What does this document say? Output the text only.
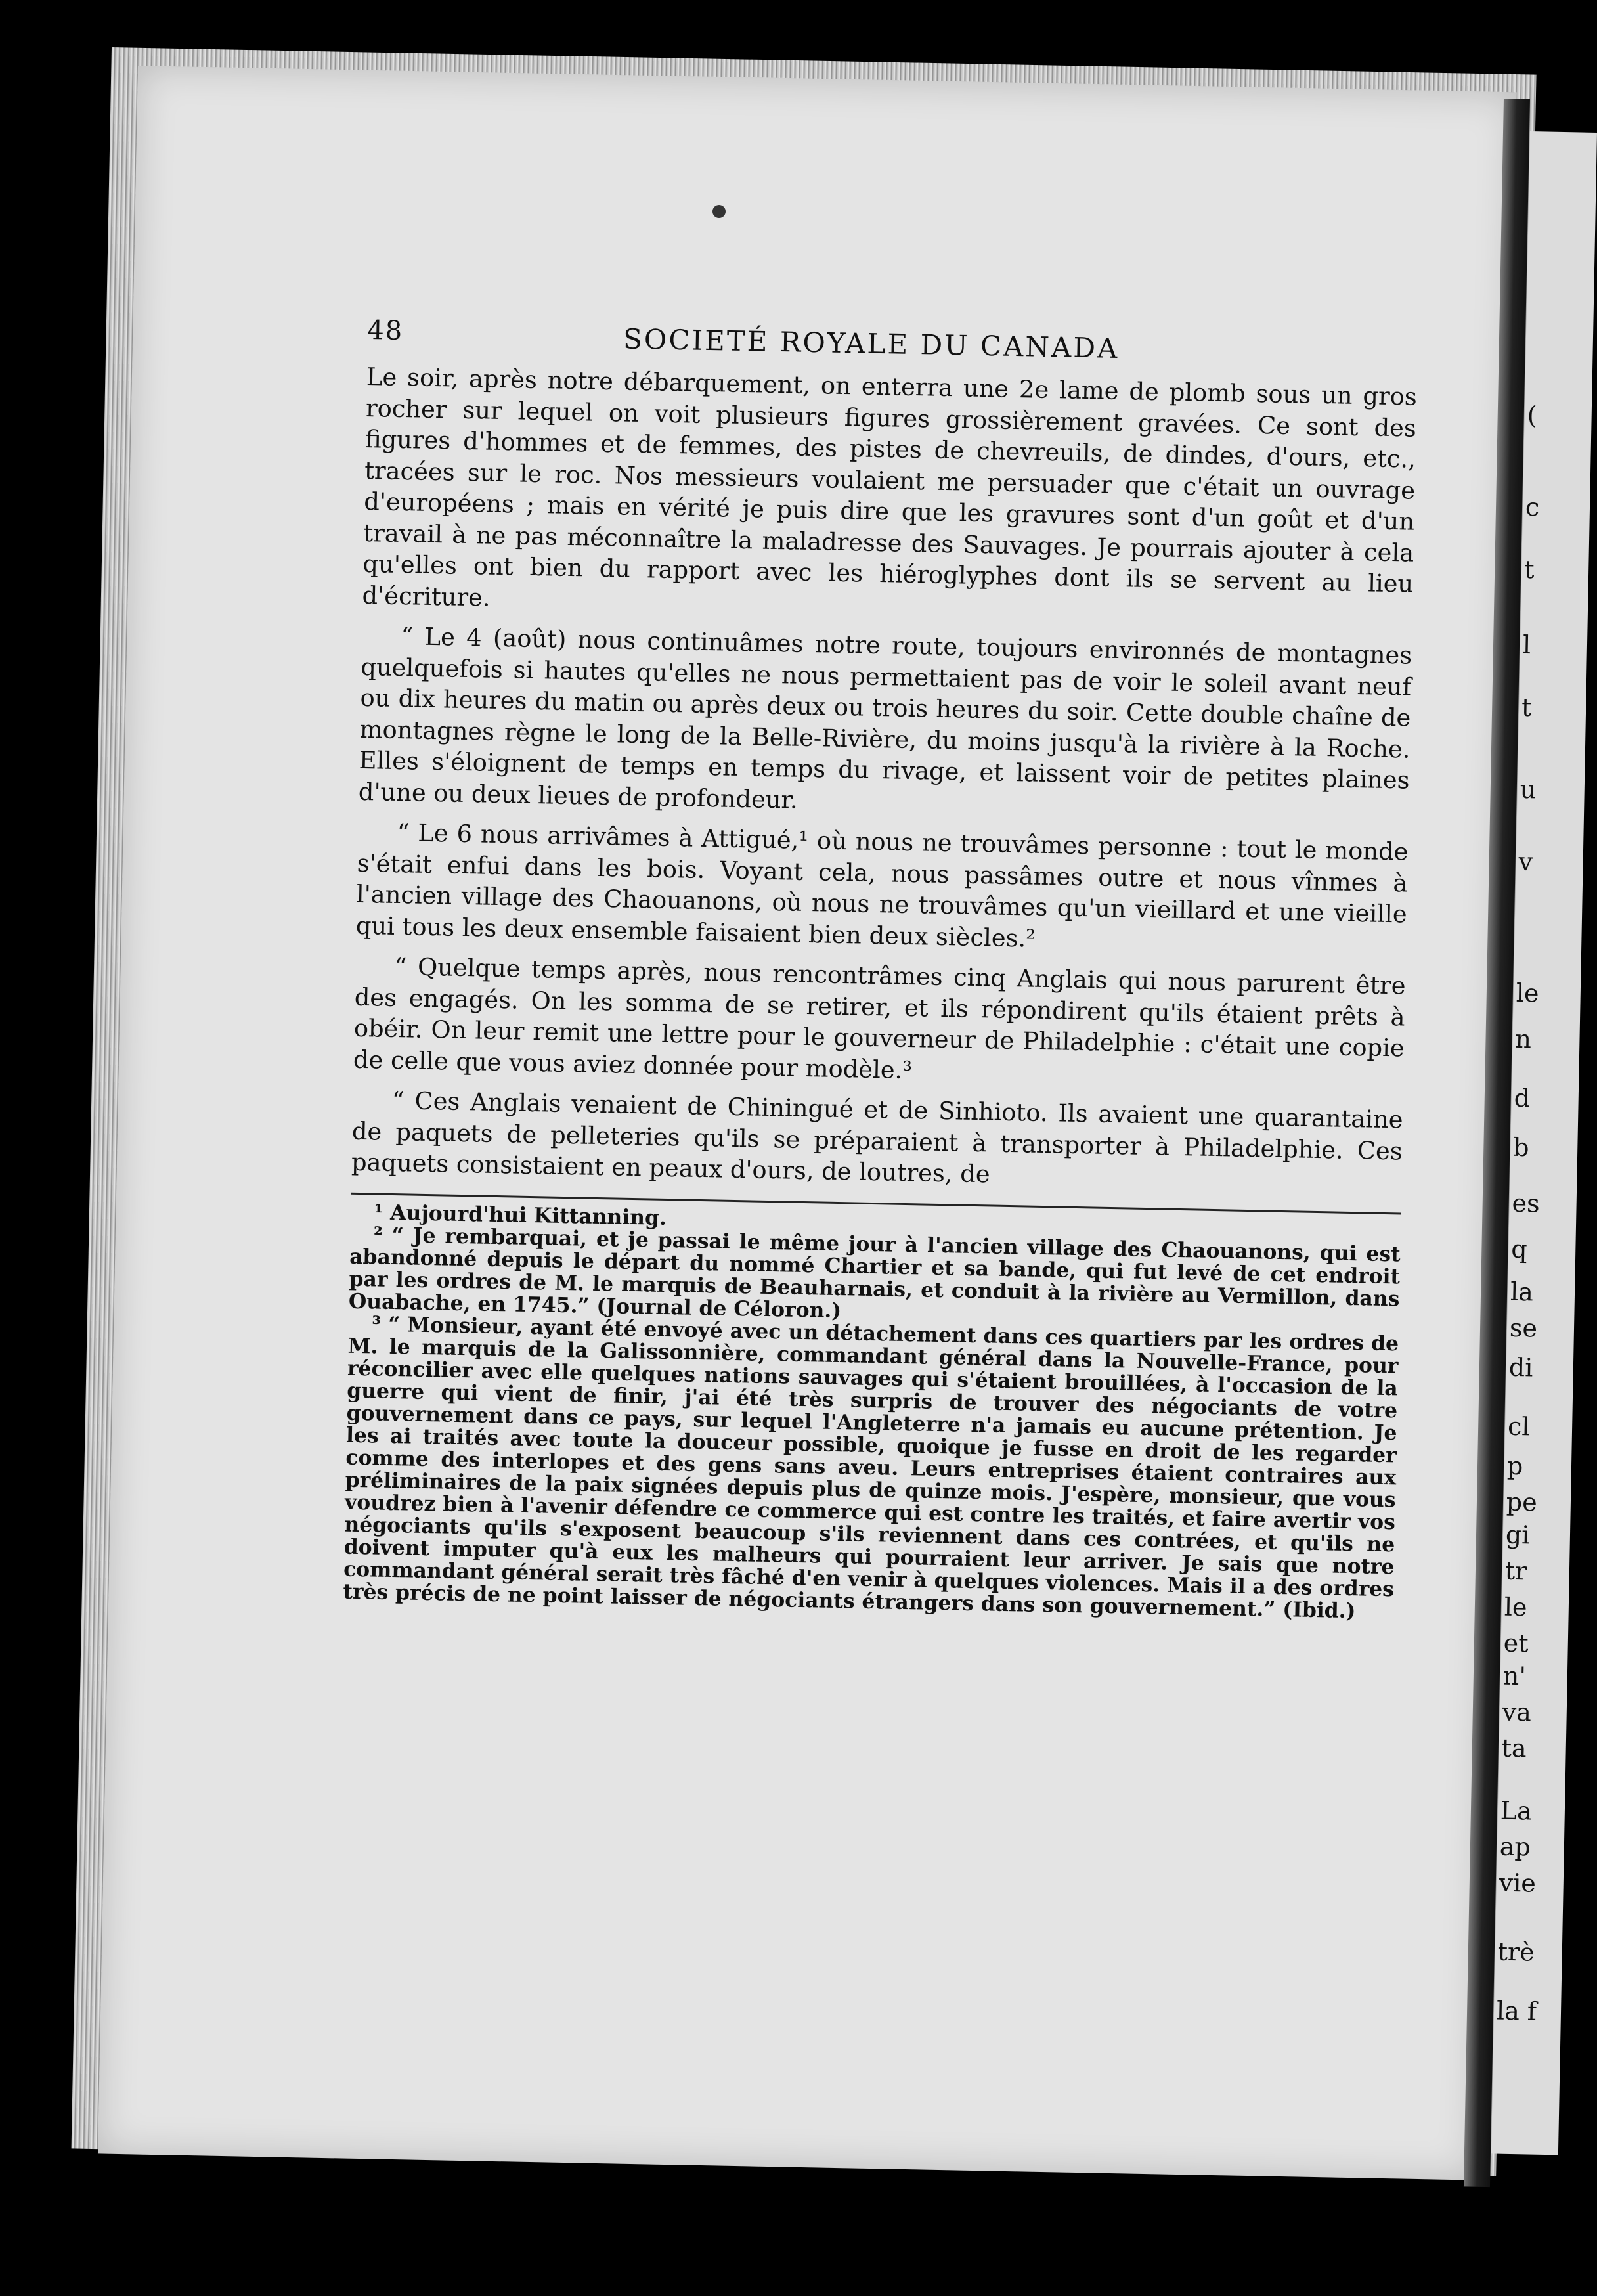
(
c
t
l
t
u
v
le
n
d
b
es
q
la
se
di
cl
p
pe
gi
tr
le
et
n'
va
ta
La
ap
vie
trè
la f
48	SOCIETÉ ROYALE DU CANADA

Le soir, après notre débarquement, on enterra une 2e lame de plomb sous un gros rocher sur lequel on voit plusieurs figures grossièrement gravées. Ce sont des figures d'hommes et de femmes, des pistes de chevreuils, de dindes, d'ours, etc., tracées sur le roc. Nos messieurs voulaient me persuader que c'était un ouvrage d'européens ; mais en vérité je puis dire que les gravures sont d'un goût et d'un travail à ne pas méconnaître la maladresse des Sauvages. Je pourrais ajouter à cela qu'elles ont bien du rapport avec les hiéroglyphes dont ils se servent au lieu d'écriture.

“ Le 4 (août) nous continuâmes notre route, toujours environnés de montagnes quelquefois si hautes qu'elles ne nous permettaient pas de voir le soleil avant neuf ou dix heures du matin ou après deux ou trois heures du soir. Cette double chaîne de montagnes règne le long de la Belle-Rivière, du moins jusqu'à la rivière à la Roche. Elles s'éloignent de temps en temps du rivage, et laissent voir de petites plaines d'une ou deux lieues de profondeur.

“ Le 6 nous arrivâmes à Attigué,¹ où nous ne trouvâmes personne : tout le monde s'était enfui dans les bois. Voyant cela, nous passâmes outre et nous vînmes à l'ancien village des Chaouanons, où nous ne trouvâmes qu'un vieillard et une vieille qui tous les deux ensemble faisaient bien deux siècles.²

“ Quelque temps après, nous rencontrâmes cinq Anglais qui nous parurent être des engagés. On les somma de se retirer, et ils répondirent qu'ils étaient prêts à obéir. On leur remit une lettre pour le gouverneur de Philadelphie : c'était une copie de celle que vous aviez donnée pour modèle.³

“ Ces Anglais venaient de Chiningué et de Sinhioto. Ils avaient une quarantaine de paquets de pelleteries qu'ils se préparaient à transporter à Philadelphie. Ces paquets consistaient en peaux d'ours, de loutres, de

¹ Aujourd'hui Kittanning.

² “ Je rembarquai, et je passai le même jour à l'ancien village des Chaouanons, qui est abandonné depuis le départ du nommé Chartier et sa bande, qui fut levé de cet endroit par les ordres de M. le marquis de Beauharnais, et conduit à la rivière au Vermillon, dans Ouabache, en 1745.” (Journal de Céloron.)

³ “ Monsieur, ayant été envoyé avec un détachement dans ces quartiers par les ordres de M. le marquis de la Galissonnière, commandant général dans la Nouvelle-France, pour réconcilier avec elle quelques nations sauvages qui s'étaient brouillées, à l'occasion de la guerre qui vient de finir, j'ai été très surpris de trouver des négociants de votre gouvernement dans ce pays, sur lequel l'Angleterre n'a jamais eu aucune prétention. Je les ai traités avec toute la douceur possible, quoique je fusse en droit de les regarder comme des interlopes et des gens sans aveu. Leurs entreprises étaient contraires aux préliminaires de la paix signées depuis plus de quinze mois. J'espère, monsieur, que vous voudrez bien à l'avenir défendre ce commerce qui est contre les traités, et faire avertir vos négociants qu'ils s'exposent beaucoup s'ils reviennent dans ces contrées, et qu'ils ne doivent imputer qu'à eux les malheurs qui pourraient leur arriver. Je sais que notre commandant général serait très fâché d'en venir à quelques violences. Mais il a des ordres très précis de ne point laisser de négociants étrangers dans son gouvernement.” (Ibid.)
